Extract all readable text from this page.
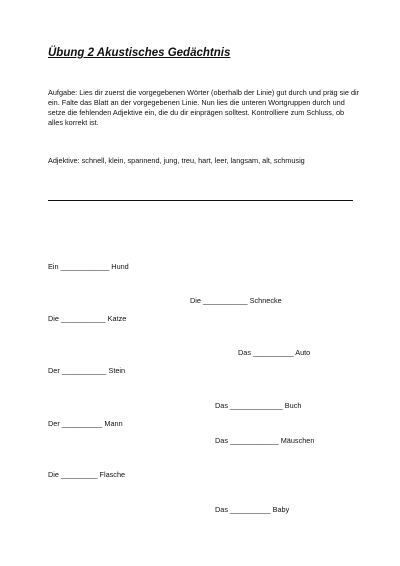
Übung 2 Akustisches Gedächtnis
Aufgabe: Lies dir zuerst die vorgegebenen Wörter (oberhalb der Linie) gut durch und präg sie dir ein. Falte das Blatt an der vorgegebenen Linie. Nun lies die unteren Wortgruppen durch und setze die fehlenden Adjektive ein, die du dir einprägen solltest. Kontrolliere zum Schluss, ob alles korrekt ist.
Adjektive: schnell, klein, spannend, jung, treu, hart, leer, langsam, alt, schmusig
Ein ____________ Hund
Die ___________ Schnecke
Die ___________ Katze
Das __________ Auto
Der ___________ Stein
Das _____________ Buch
Der __________ Mann
Das ____________ Mäuschen
Die _________ Flasche
Das __________ Baby
